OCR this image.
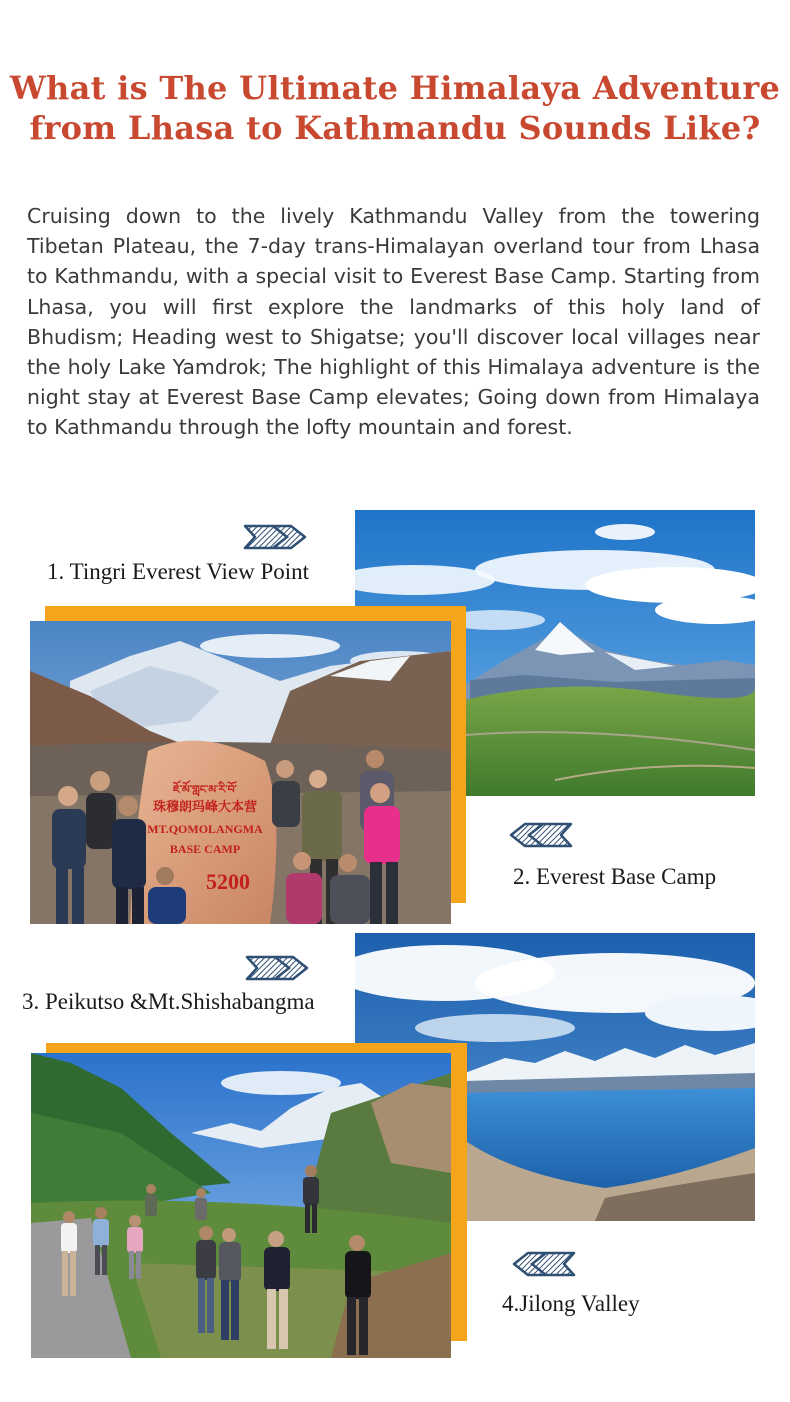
What is The Ultimate Himalaya Adventure
from Lhasa to Kathmandu Sounds Like?

Cruising down to the lively Kathmandu Valley from the towering Tibetan Plateau, the 7-day trans-Himalayan overland tour from Lhasa to Kathmandu, with a special visit to Everest Base Camp. Starting from Lhasa, you will first explore the landmarks of this holy land of Bhudism; Heading west to Shigatse; you'll discover local villages near the holy Lake Yamdrok; The highlight of this Himalaya adventure is the night stay at Everest Base Camp elevates; Going down from Himalaya to Kathmandu through the lofty mountain and forest.

1. Tingri Everest View Point
ཇོ་མོ་གླང་མ་རི་བོ་
珠穆朗玛峰大本营
MT.QOMOLANGMA
BASE CAMP
5200	2. Everest Base Camp
3. Peikutso &Mt.Shishabangma
4.Jilong Valley
